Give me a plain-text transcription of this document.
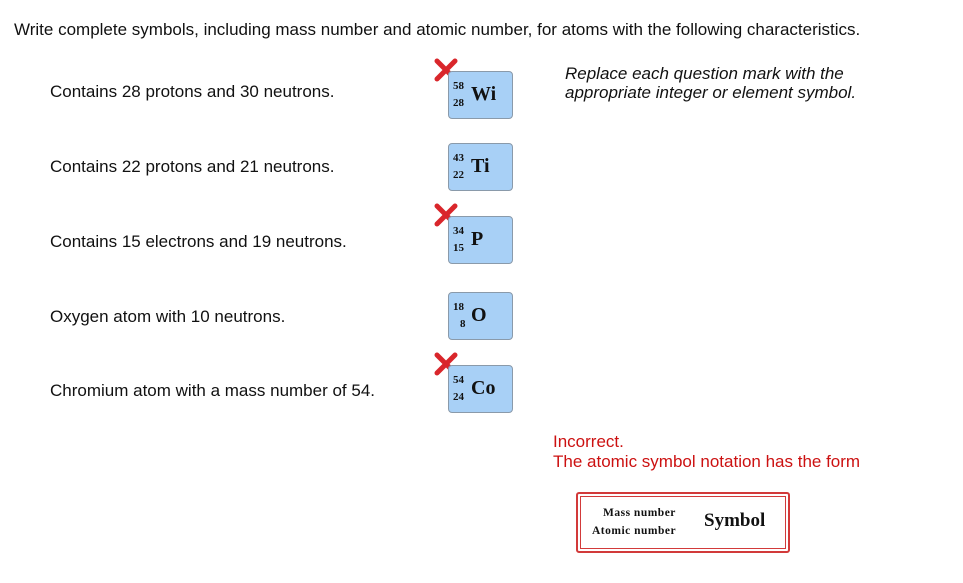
Write complete symbols, including mass number and atomic number, for atoms with the following characteristics.
Contains 28 protons and 30 neutrons.	58
28 Wi
Contains 22 protons and 21 neutrons.	43
22 Ti
Contains 15 electrons and 19 neutrons.
34
15 P
Oxygen atom with 10 neutrons.	18
8 O
Chromium atom with a mass number of 54.
54
24 Co
Replace each question mark with the
appropriate integer or element symbol.
Incorrect.
The atomic symbol notation has the form
Mass number
Atomic number Symbol
